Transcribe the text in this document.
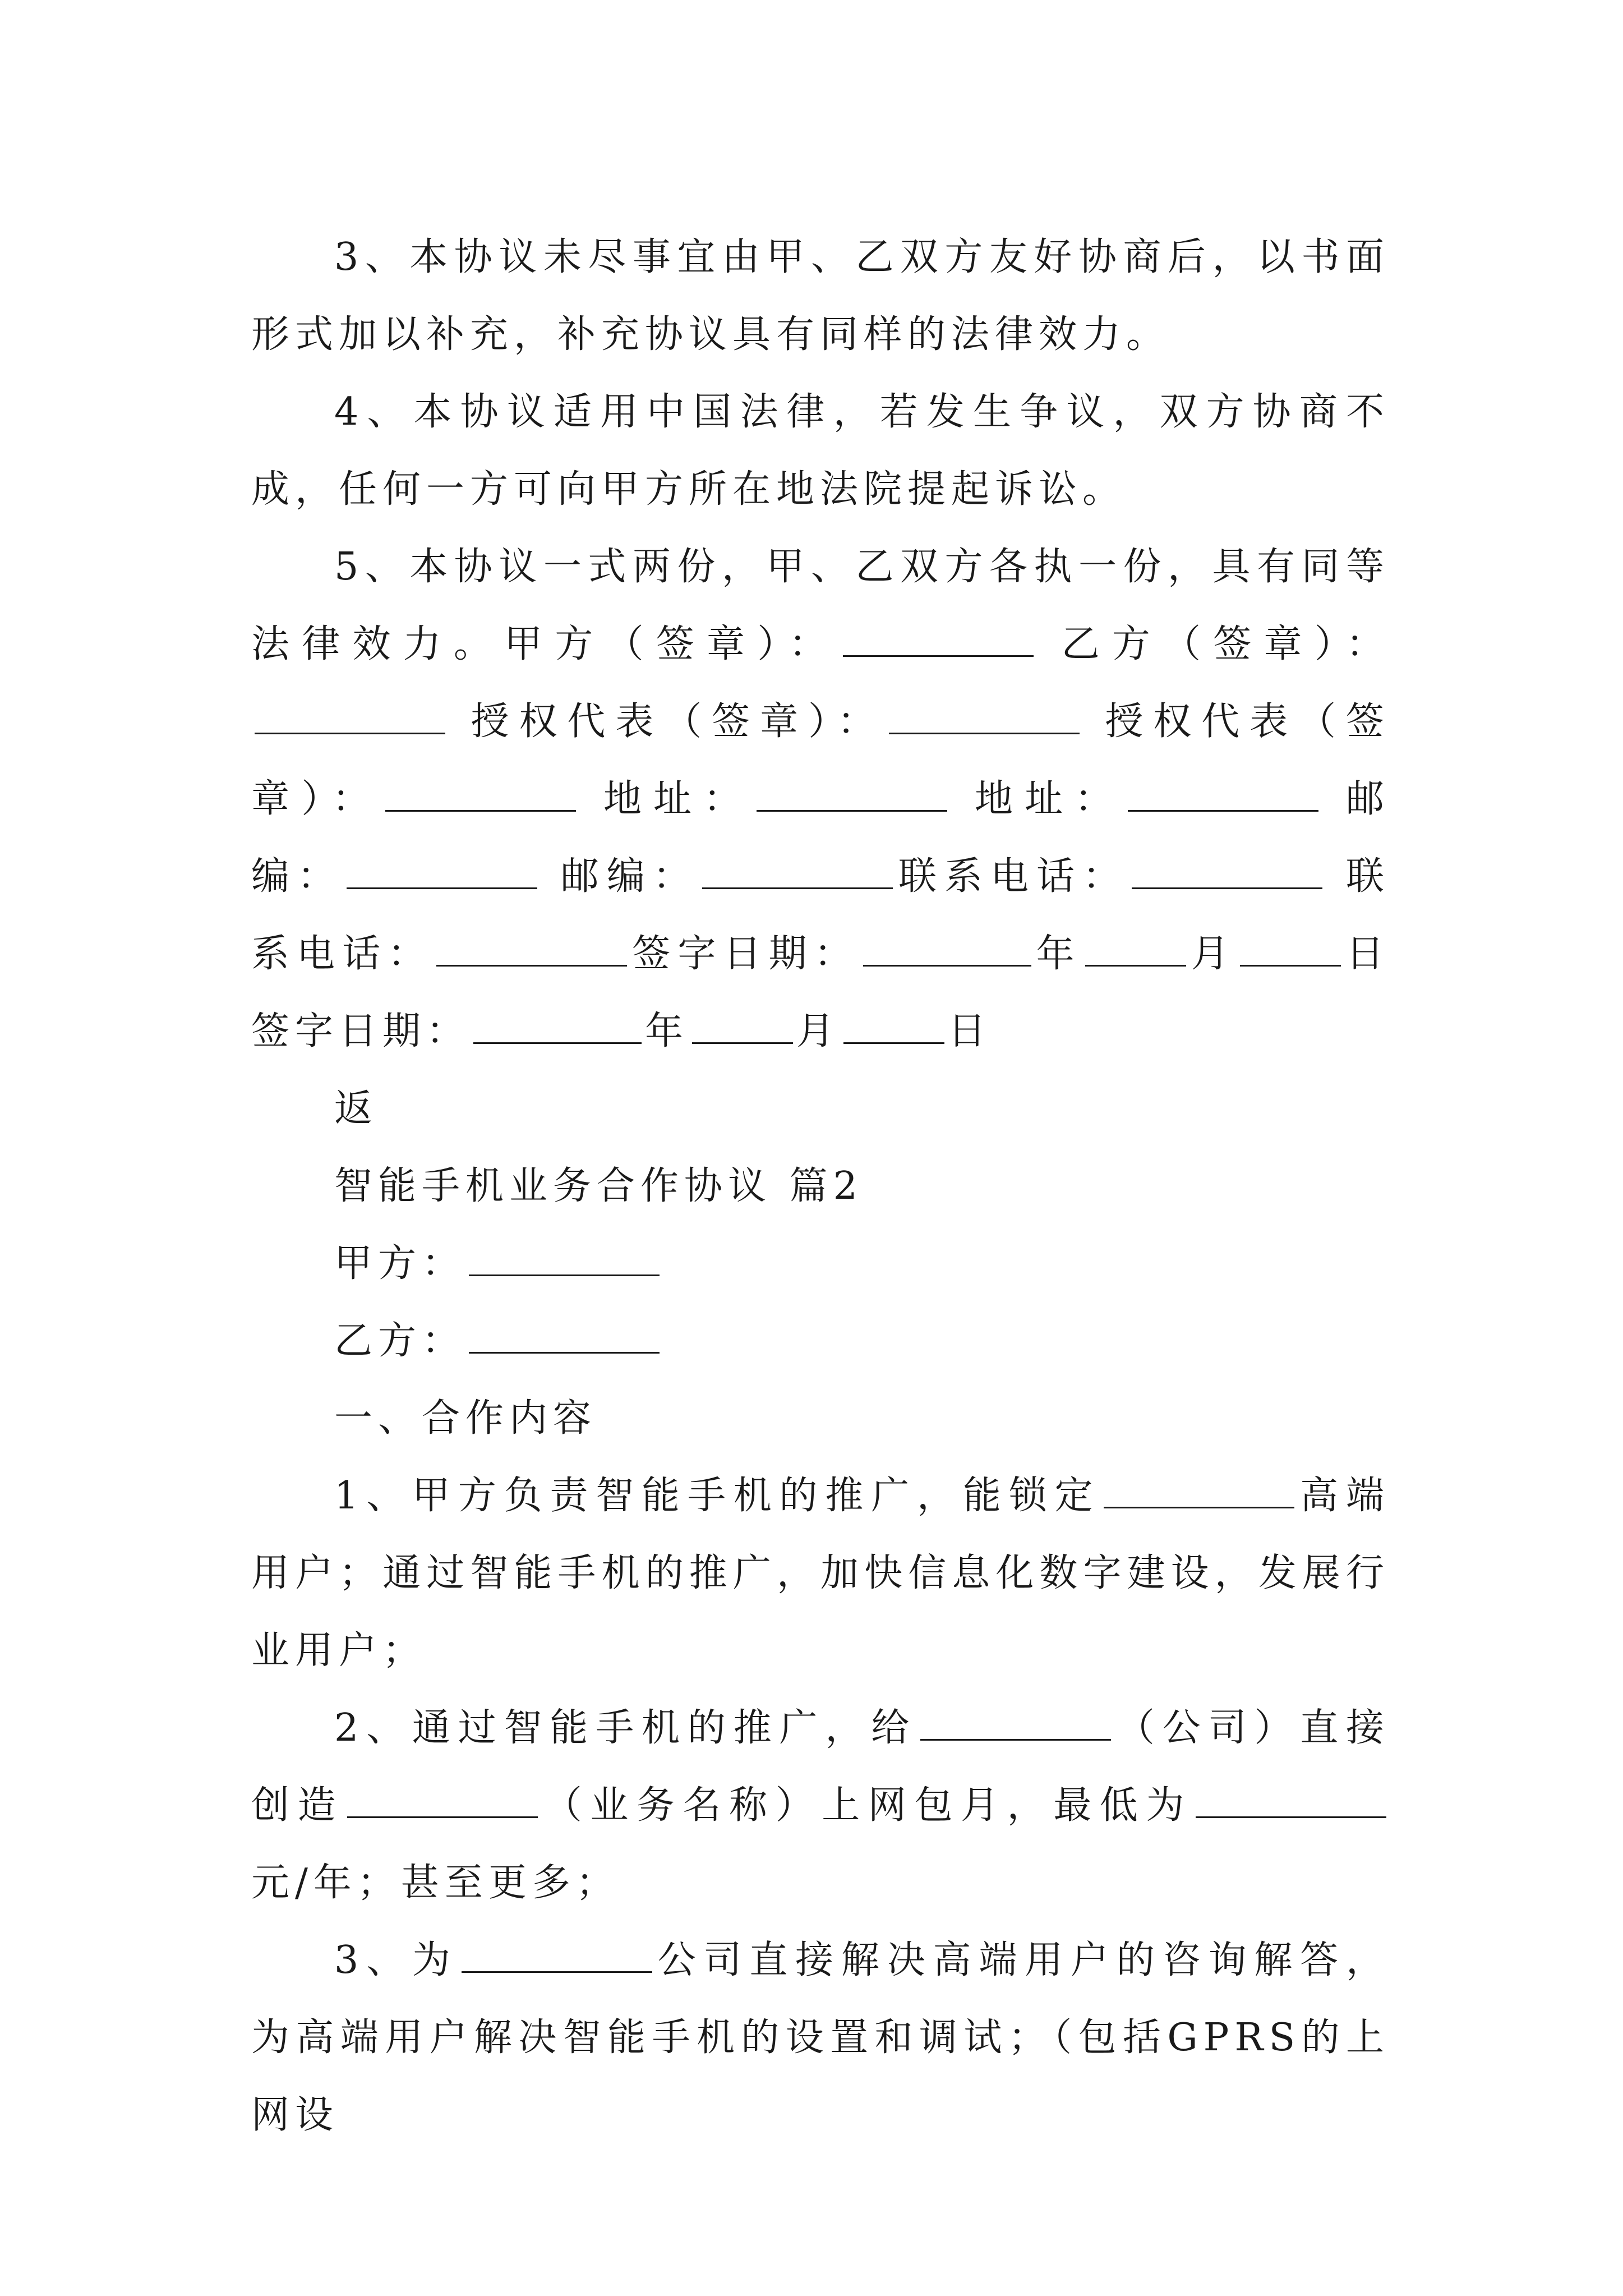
3、本协议未尽事宜由甲、乙双方友好协商后，以书面形式加以补充，补充协议具有同样的法律效力。

4、本协议适用中国法律，若发生争议，双方协商不成，任何一方可向甲方所在地法院提起诉讼。

5、本协议一式两份，甲、乙双方各执一份，具有同等法律效力。甲方（签章）：	乙方（签章）： 授权代表（签章）：	授权代表（签章）：	地址：	地址：	邮编：	邮编：	联系电话：	联系电话：	签字日期：	年	月	日 签字日期：	年	月	日

返

智能手机业务合作协议 篇2

甲方：

乙方：

一、合作内容

1、甲方负责智能手机的推广，能锁定	高端用户；通过智能手机的推广，加快信息化数字建设，发展行业用户；

2、通过智能手机的推广，给	（公司）直接创造	（业务名称）上网包月，最低为元/年；甚至更多；

3、为	公司直接解决高端用户的咨询解答，为高端用户解决智能手机的设置和调试；（包括GPRS的上网设
